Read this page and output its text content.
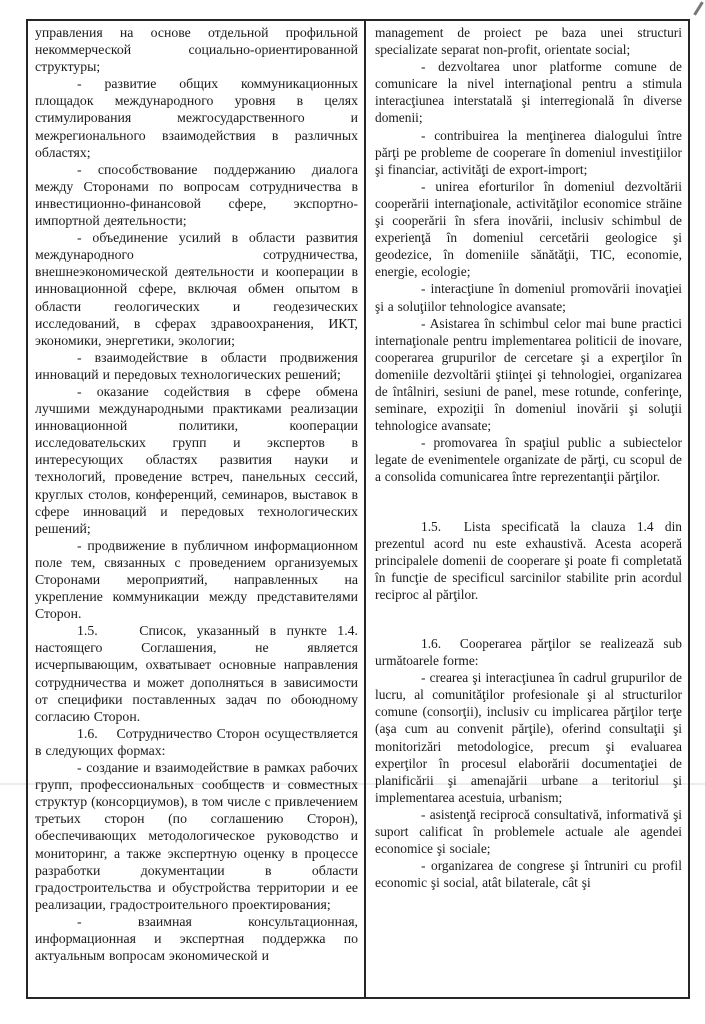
управления на основе отдельной профильной некоммерческой социально-ориентированной структуры;

- развитие общих коммуникационных площадок международного уровня в целях стимулирования межгосударственного и межрегионального взаимодействия в различных областях;

- способствование поддержанию диалога между Сторонами по вопросам сотрудничества в инвестиционно-финансовой сфере, экспортно-импортной деятельности;

- объединение усилий в области развития международного сотрудничества, внешнеэкономической деятельности и кооперации в инновационной сфере, включая обмен опытом в области геологических и геодезических исследований, в сферах здравоохранения, ИКТ, экономики, энергетики, экологии;

- взаимодействие в области продвижения инноваций и передовых технологических решений;

- оказание содействия в сфере обмена лучшими международными практиками реализации инновационной политики, кооперации исследовательских групп и экспертов в интересующих областях развития науки и технологий, проведение встреч, панельных сессий, круглых столов, конференций, семинаров, выставок в сфере инноваций и передовых технологических решений;

- продвижение в публичном информационном поле тем, связанных с проведением организуемых Сторонами мероприятий, направленных на укрепление коммуникации между представителями Сторон.

1.5.    Список, указанный в пункте 1.4. настоящего Соглашения, не является исчерпывающим, охватывает основные направления сотрудничества и может дополняться в зависимости от специфики поставленных задач по обоюдному согласию Сторон.

1.6.    Сотрудничество Сторон осуществляется в следующих формах:

- создание и взаимодействие в рамках рабочих групп, профессиональных сообществ и совместных структур (консорциумов), в том числе с привлечением третьих сторон (по соглашению Сторон), обеспечивающих методологическое руководство и мониторинг, а также экспертную оценку в процессе разработки документации в области градостроительства и обустройства территории и ее реализации, градостроительного проектирования;

- взаимная консультационная, информационная и экспертная поддержка по актуальным вопросам экономической и

management de proiect pe baza unei structuri specializate separat non-profit, orientate social;

- dezvoltarea unor platforme comune de comunicare la nivel internaţional pentru a stimula interacţiunea interstatală şi interregională în diverse domenii;

- contribuirea la menţinerea dialogului între părţi pe probleme de cooperare în domeniul investiţiilor şi financiar, activităţi de export-import;

- unirea eforturilor în domeniul dezvoltării cooperării internaţionale, activităţilor economice străine şi cooperării în sfera inovării, inclusiv schimbul de experienţă în domeniul cercetării geologice şi geodezice, în domeniile sănătăţii, TIC, economie, energie, ecologie;

- interacţiune în domeniul promovării inovaţiei şi a soluţiilor tehnologice avansate;

- Asistarea în schimbul celor mai bune practici internaţionale pentru implementarea politicii de inovare, cooperarea grupurilor de cercetare şi a experţilor în domeniile dezvoltării ştiinţei şi tehnologiei, organizarea de întâlniri, sesiuni de panel, mese rotunde, conferinţe, seminare, expoziţii în domeniul inovării şi soluţii tehnologice avansate;

- promovarea în spaţiul public a subiectelor legate de evenimentele organizate de părţi, cu scopul de a consolida comunicarea între reprezentanţii părţilor.

1.5.  Lista specificată la clauza 1.4 din prezentul acord nu este exhaustivă. Acesta acoperă principalele domenii de cooperare şi poate fi completată în funcţie de specificul sarcinilor stabilite prin acordul reciproc al părţilor.

1.6.  Cooperarea părţilor se realizează sub următoarele forme:

- crearea şi interacţiunea în cadrul grupurilor de lucru, al comunităţilor profesionale şi al structurilor comune (consorţii), inclusiv cu implicarea părţilor terţe (aşa cum au convenit părţile), oferind consultaţii şi monitorizări metodologice, precum şi evaluarea experţilor în procesul elaborării documentaţiei de planificării şi amenajării urbane a teritoriul şi implementarea acestuia, urbanism;

- asistenţă reciprocă consultativă, informativă şi suport calificat în problemele actuale ale agendei economice şi sociale;

- organizarea de congrese şi întruniri cu profil economic şi social, atât bilaterale, cât şi
